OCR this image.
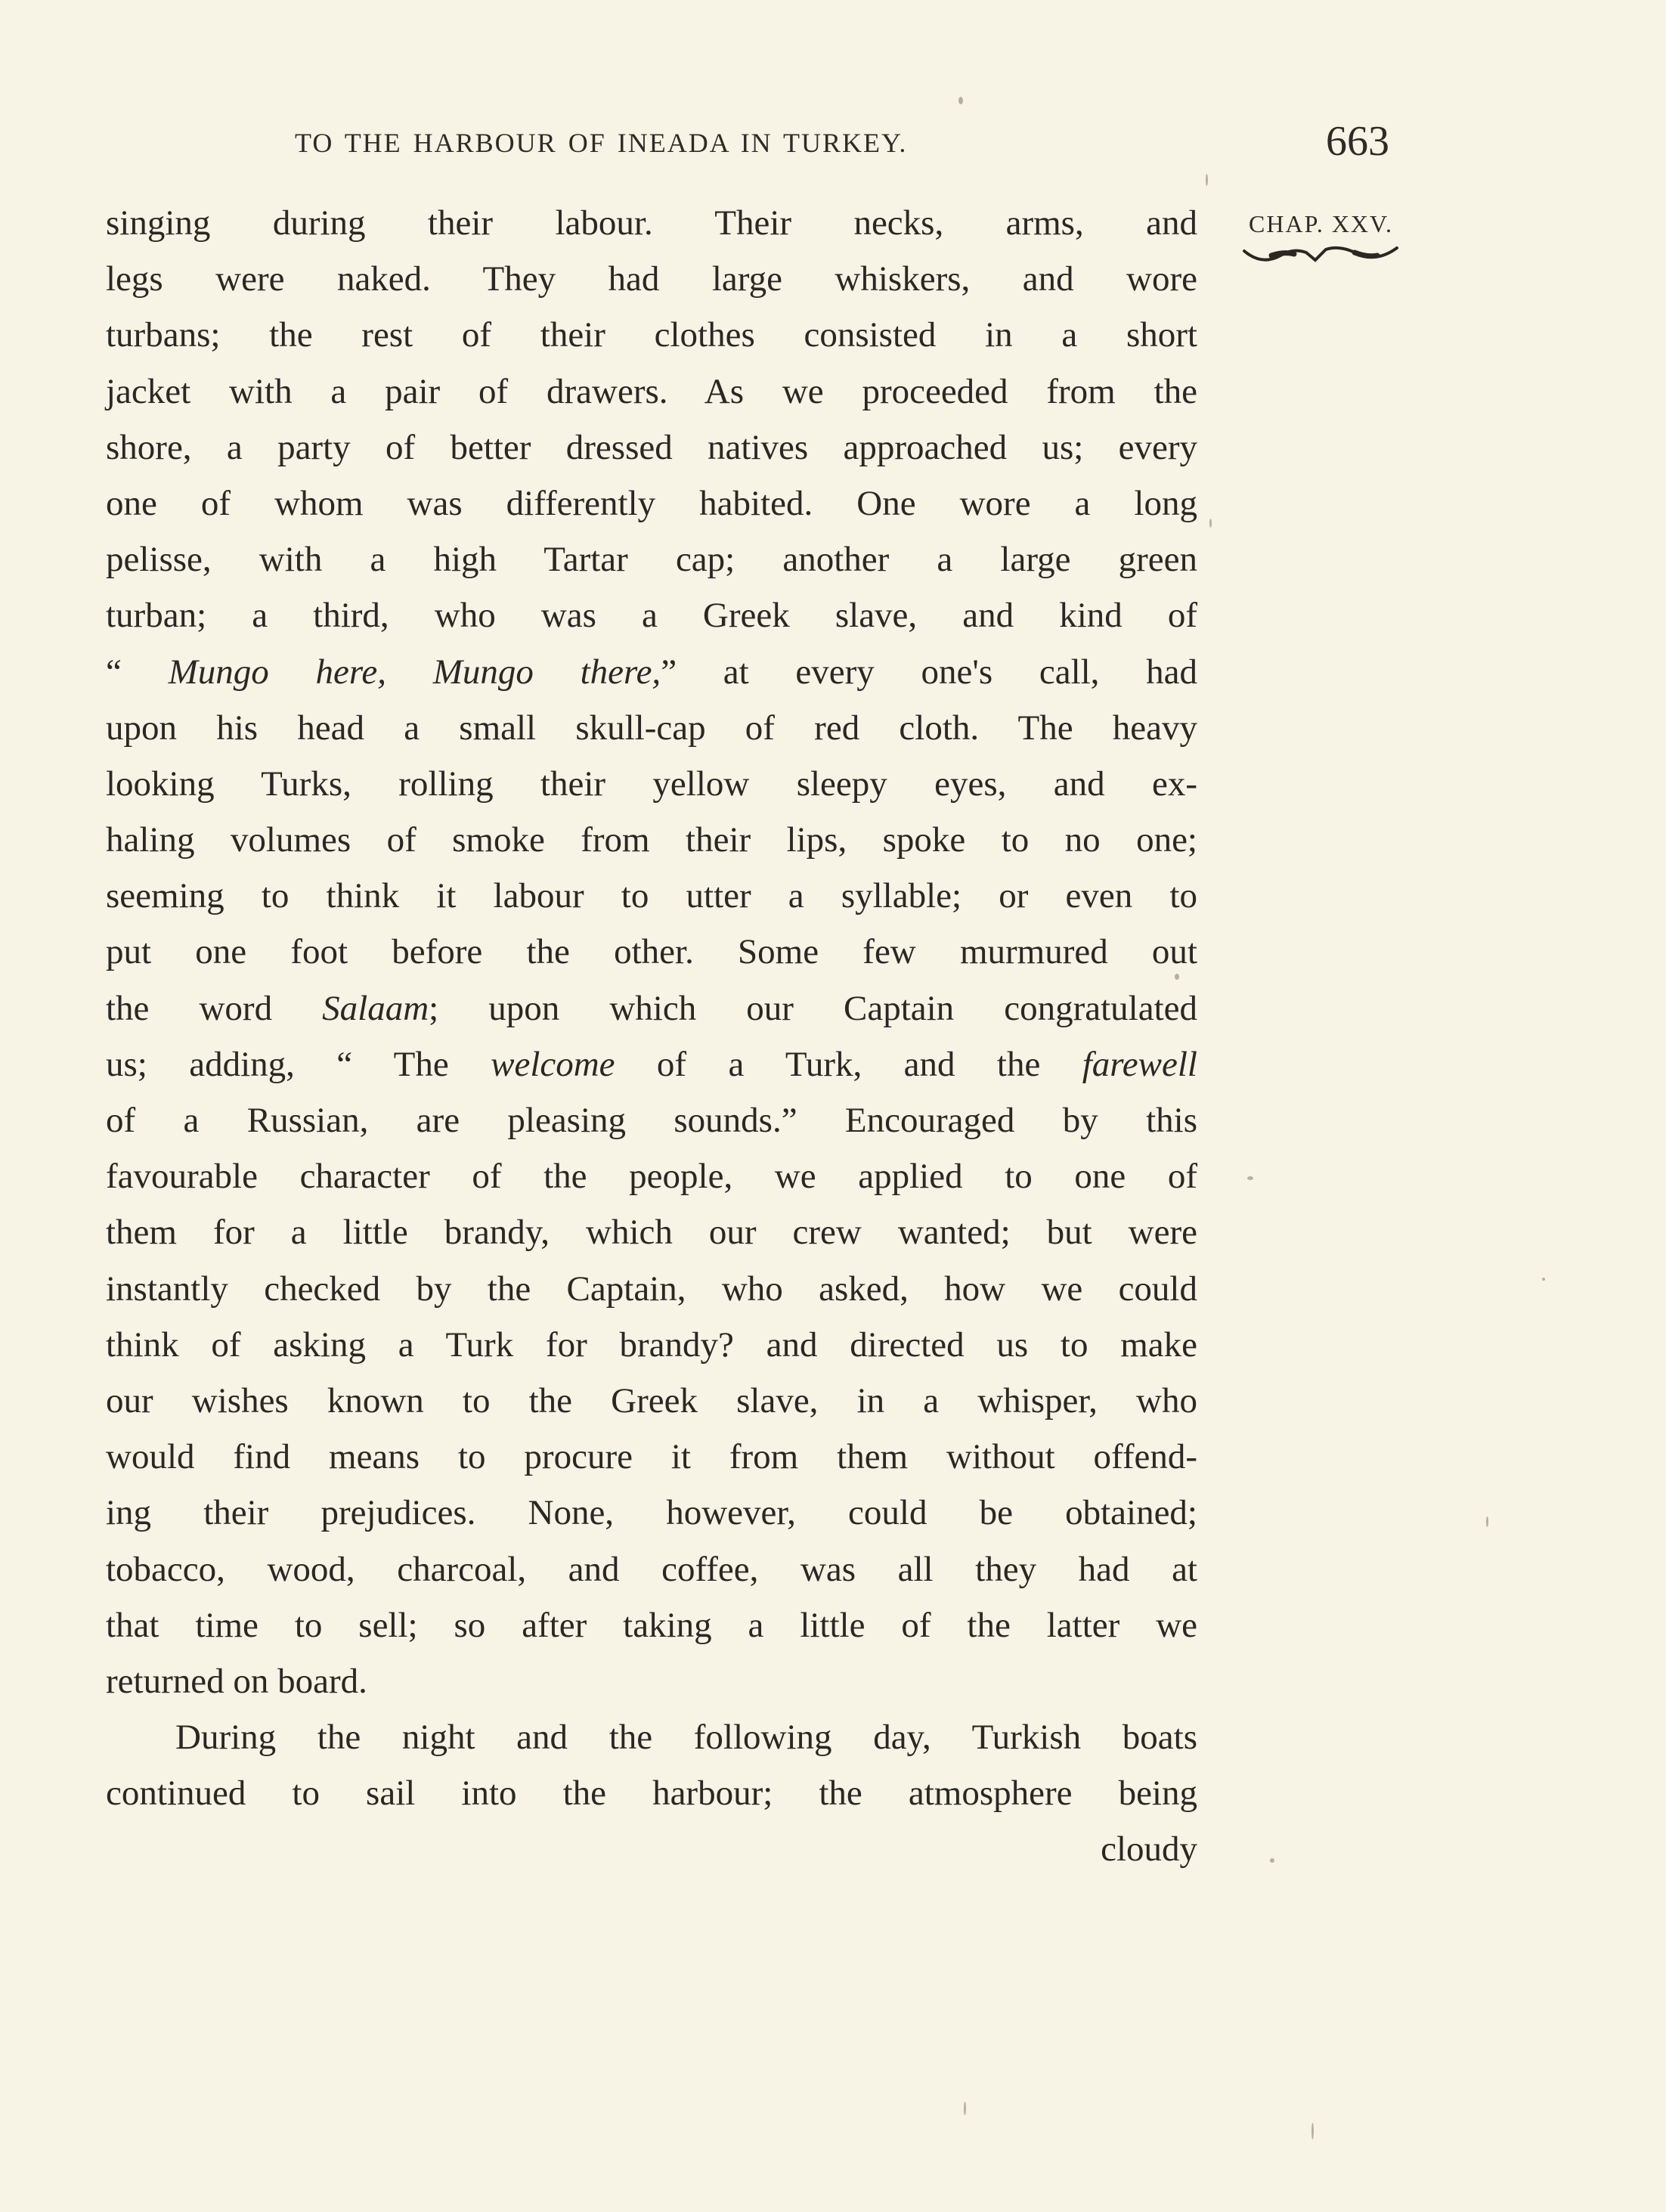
TO THE HARBOUR OF INEADA IN TURKEY.	663
CHAP. XXV.
singing during their labour. Their necks, arms, and
legs were naked. They had large whiskers, and wore
turbans; the rest of their clothes consisted in a short
jacket with a pair of drawers. As we proceeded from the
shore, a party of better dressed natives approached us; every
one of whom was differently habited. One wore a long
pelisse, with a high Tartar cap; another a large green
turban; a third, who was a Greek slave, and kind of
“ Mungo here, Mungo there,” at every one's call, had
upon his head a small skull-cap of red cloth. The heavy
looking Turks, rolling their yellow sleepy eyes, and ex-
haling volumes of smoke from their lips, spoke to no one;
seeming to think it labour to utter a syllable; or even to
put one foot before the other. Some few murmured out
the word Salaam; upon which our Captain congratulated
us; adding, “ The welcome of a Turk, and the farewell
of a Russian, are pleasing sounds.” Encouraged by this
favourable character of the people, we applied to one of
them for a little brandy, which our crew wanted; but were
instantly checked by the Captain, who asked, how we could
think of asking a Turk for brandy? and directed us to make
our wishes known to the Greek slave, in a whisper, who
would find means to procure it from them without offend-
ing their prejudices. None, however, could be obtained;
tobacco, wood, charcoal, and coffee, was all they had at
that time to sell; so after taking a little of the latter we
returned on board.
During the night and the following day, Turkish boats
continued to sail into the harbour; the atmosphere being
cloudy
